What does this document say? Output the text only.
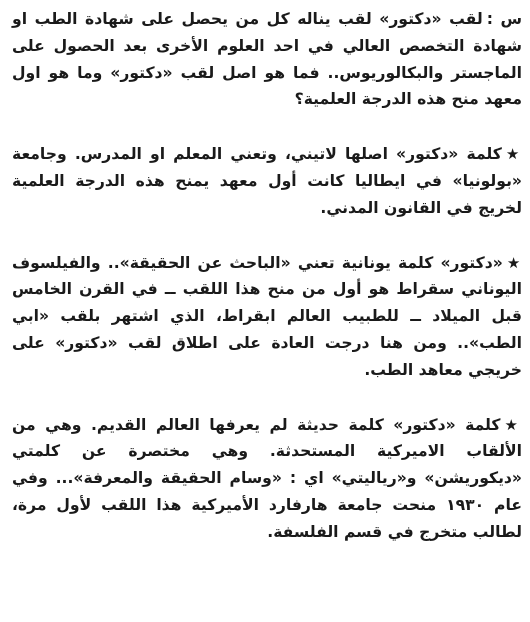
س :لقب «دكتور» لقب يناله كل من يحصل على شهادة الطب او شهادة التخصص العالي في احد العلوم الأخرى بعد الحصول على الماجستر والبكالوريوس.. فما هو اصل لقب «دكتور» وما هو اول معهد منح هذه الدرجة العلمية؟

★كلمة «دكتور» اصلها لاتيني، وتعني المعلم او المدرس. وجامعة «بولونيا» في ايطاليا كانت أول معهد يمنح هذه الدرجة العلمية لخريج في القانون المدني.

★«دكتور» كلمة يونانية تعني «الباحث عن الحقيقة».. والفيلسوف اليوناني سقراط هو أول من منح هذا اللقب ــ في القرن الخامس قبل الميلاد ــ للطبيب العالم ابقراط، الذي اشتهر بلقب «ابي الطب».. ومن هنا درجت العادة على اطلاق لقب «دكتور» على خريجي معاهد الطب.

★كلمة «دكتور» كلمة حديثة لم يعرفها العالم القديم. وهي من الألقاب الاميركية المستحدثة. وهي مختصرة عن كلمتي «ديكوريشن» و«رياليتي» اي : «وسام الحقيقة والمعرفة»... وفي عام ١٩٣٠ منحت جامعة هارفارد الأميركية هذا اللقب لأول مرة، لطالب متخرج في قسم الفلسفة.
